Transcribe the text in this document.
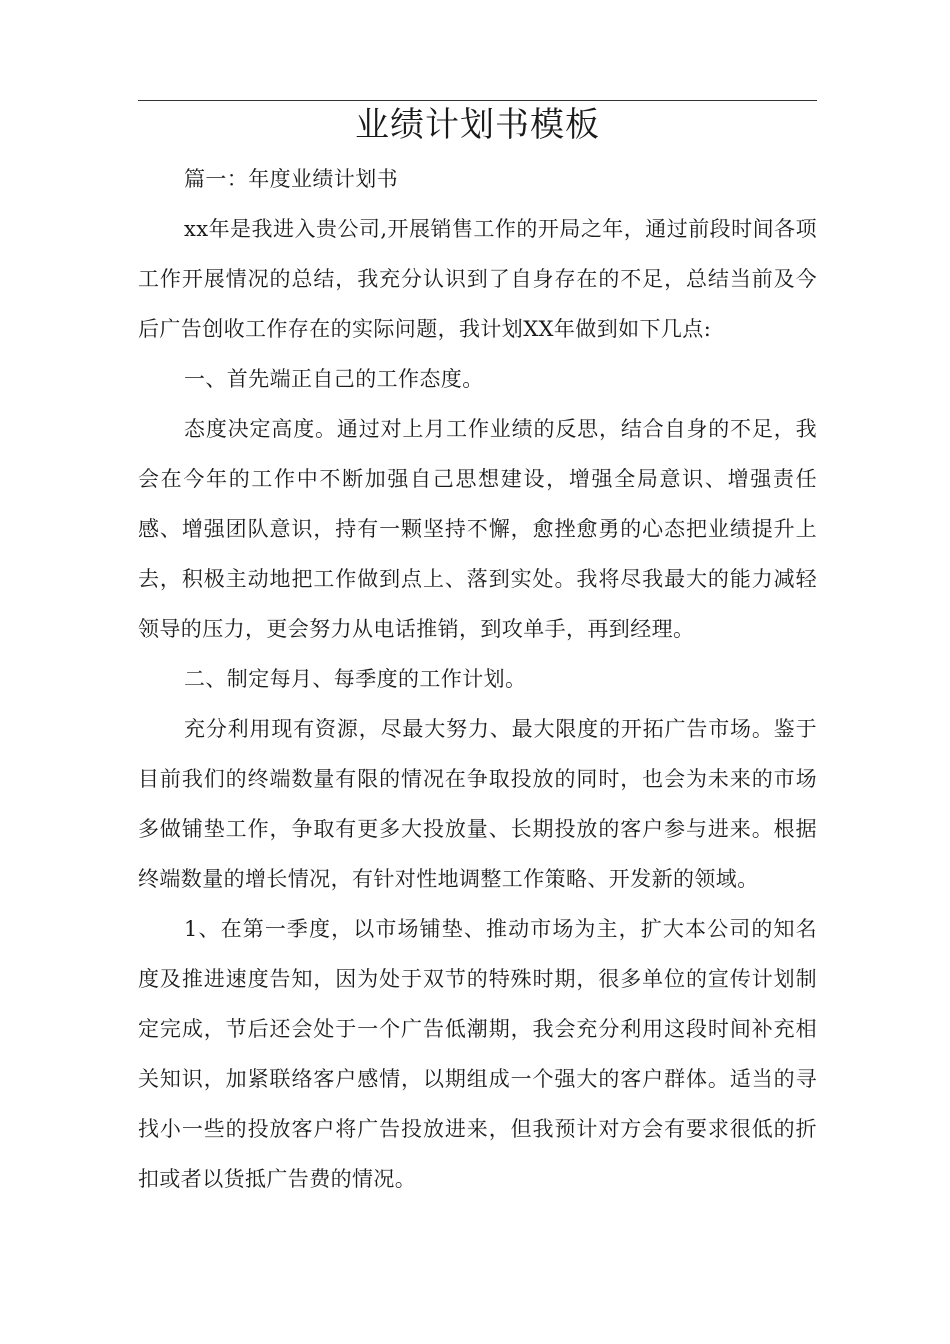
业绩计划书模板

篇一：年度业绩计划书

xx年是我进入贵公司,开展销售工作的开局之年，通过前段时间各项工作开展情况的总结，我充分认识到了自身存在的不足，总结当前及今后广告创收工作存在的实际问题，我计划XX年做到如下几点:

一、首先端正自己的工作态度。

态度决定高度。通过对上月工作业绩的反思，结合自身的不足，我会在今年的工作中不断加强自己思想建设，增强全局意识、增强责任感、增强团队意识，持有一颗坚持不懈，愈挫愈勇的心态把业绩提升上去，积极主动地把工作做到点上、落到实处。我将尽我最大的能力减轻领导的压力，更会努力从电话推销，到攻单手，再到经理。

二、制定每月、每季度的工作计划。

充分利用现有资源，尽最大努力、最大限度的开拓广告市场。鉴于目前我们的终端数量有限的情况在争取投放的同时，也会为未来的市场多做铺垫工作，争取有更多大投放量、长期投放的客户参与进来。根据终端数量的增长情况，有针对性地调整工作策略、开发新的领域。

1、在第一季度，以市场铺垫、推动市场为主，扩大本公司的知名度及推进速度告知，因为处于双节的特殊时期，很多单位的宣传计划制定完成，节后还会处于一个广告低潮期，我会充分利用这段时间补充相关知识，加紧联络客户感情，以期组成一个强大的客户群体。适当的寻找小一些的投放客户将广告投放进来，但我预计对方会有要求很低的折扣或者以货抵广告费的情况。
